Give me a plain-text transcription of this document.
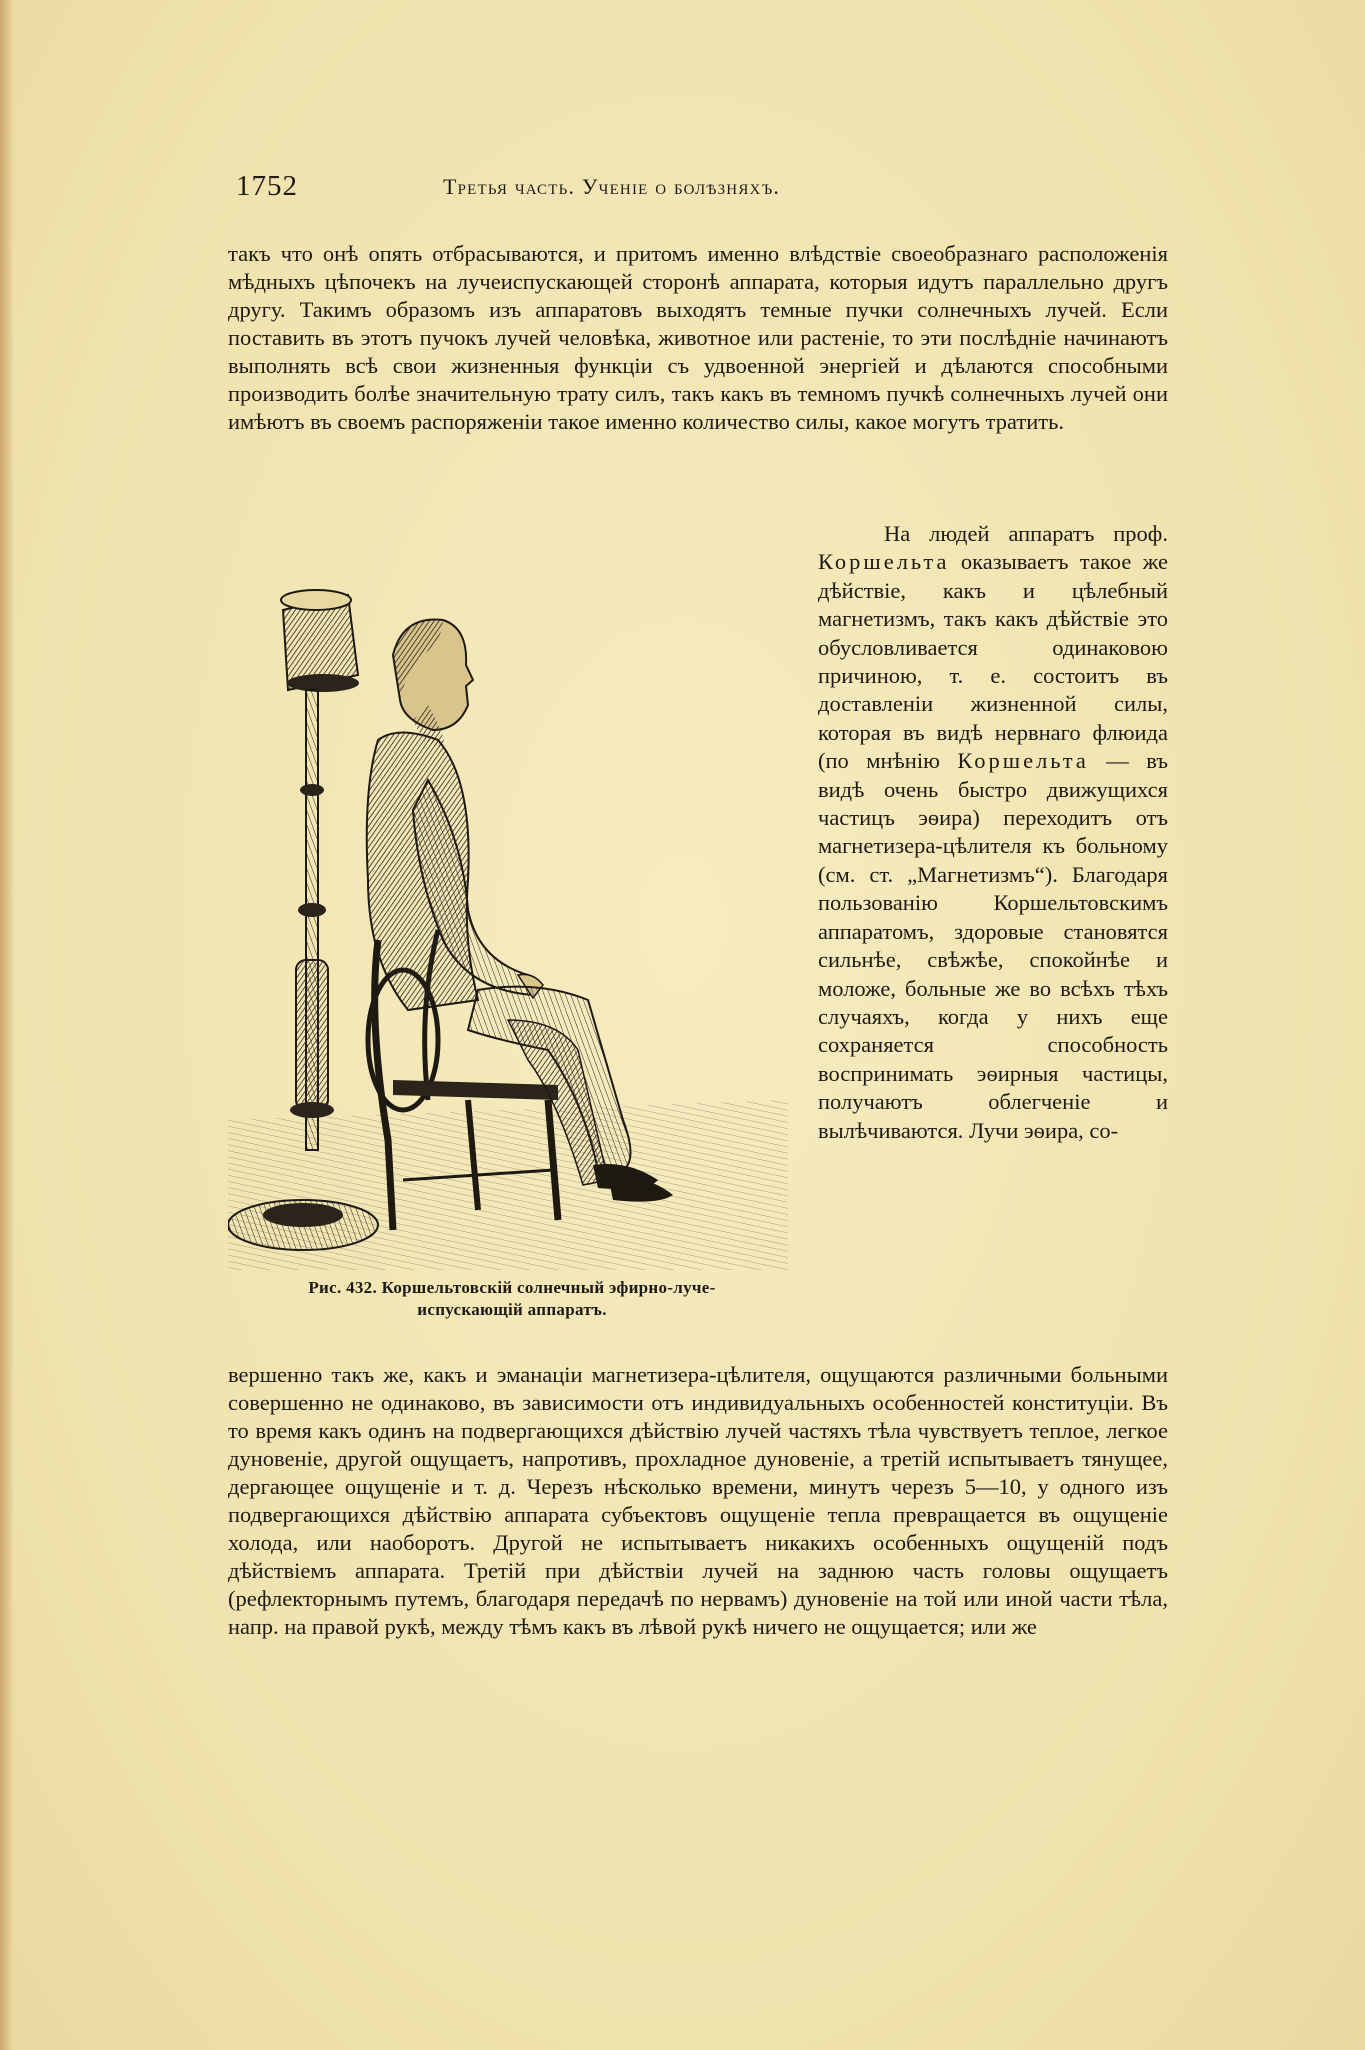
1752	Третья часть. Ученiе о болѣзняхъ.

такъ что онѣ опять отбрасываются, и притомъ именно влѣдствiе своеобразнаго расположенiя мѣдныхъ цѣпочекъ на лучеиспускающей сторонѣ аппарата, которыя идутъ параллельно другъ другу. Такимъ образомъ изъ аппаратовъ выходятъ темные пучки солнечныхъ лучей. Если поставить въ этотъ пучокъ лучей человѣка, животное или растенiе, то эти послѣднiе начинаютъ выполнять всѣ свои жизненныя функцiи съ удвоенной энергiей и дѣлаются способными производить болѣе значительную трату силъ, такъ какъ въ темномъ пучкѣ солнечныхъ лучей они имѣютъ въ своемъ распоряженiи такое именно количество силы, какое могутъ тратить.

На людей аппаратъ проф. Коршельта оказываетъ такое же дѣйствiе, какъ и цѣлебный магнетизмъ, такъ какъ дѣйствiе это обусловливается одинаковою причиною, т. е. состоитъ въ доставленiи жизненной силы, которая въ видѣ нервнаго флюида (по мнѣнiю Коршельта — въ видѣ очень быстро движущихся частицъ эѳира) переходитъ отъ магнетизера-цѣлителя къ больному (см. ст. „Магнетизмъ“). Благодаря пользованiю Коршельтовскимъ аппаратомъ, здоровые становятся сильнѣе, свѣжѣе, спокойнѣе и моложе, больные же во всѣхъ тѣхъ случаяхъ, когда у нихъ еще сохраняется способность воспринимать эѳирныя частицы, получаютъ облегченiе и вылѣчиваются. Лучи эѳира, со-

Рис. 432. Коршельтовскiй солнечный эфирно-луче-
испускающiй аппаратъ.

вершенно такъ же, какъ и эманацiи магнетизера-цѣлителя, ощущаются различными больными совершенно не одинаково, въ зависимости отъ индивидуальныхъ особенностей конституцiи. Въ то время какъ одинъ на подвергающихся дѣйствiю лучей частяхъ тѣла чувствуетъ теплое, легкое дуновенiе, другой ощущаетъ, напротивъ, прохладное дуновенiе, а третiй испытываетъ тянущее, дергающее ощущенiе и т. д. Черезъ нѣсколько времени, минутъ черезъ 5—10, у одного изъ подвергающихся дѣйствiю аппарата субъектовъ ощущенiе тепла превращается въ ощущенiе холода, или наоборотъ. Другой не испытываетъ никакихъ особенныхъ ощущенiй подъ дѣйствiемъ аппарата. Третiй при дѣйствiи лучей на заднюю часть головы ощущаетъ (рефлекторнымъ путемъ, благодаря передачѣ по нервамъ) дуновенiе на той или иной части тѣла, напр. на правой рукѣ, между тѣмъ какъ въ лѣвой рукѣ ничего не ощущается; или же
